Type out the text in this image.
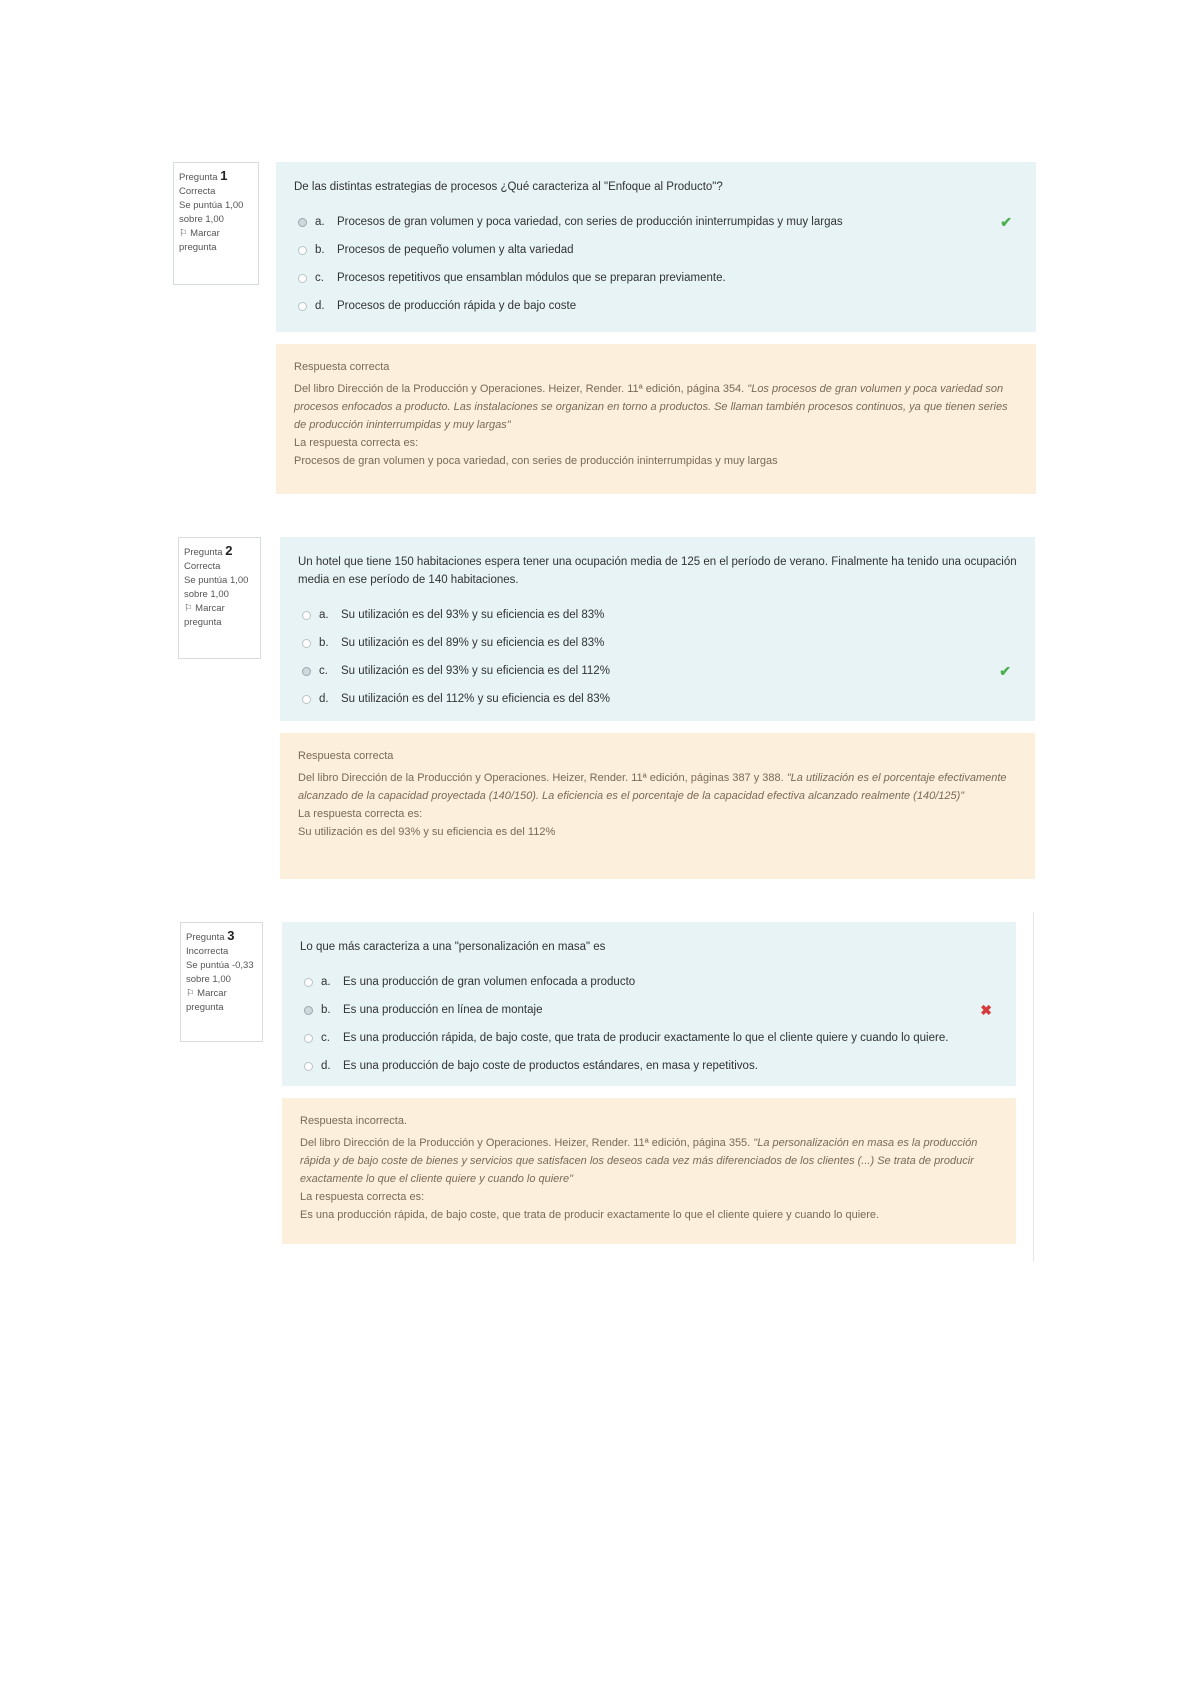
Pregunta 1
Correcta
Se puntúa 1,00 sobre 1,00
⚐ Marcar pregunta

De las distintas estrategias de procesos ¿Qué caracteriza al "Enfoque al Producto"?

a.	Procesos de gran volumen y poca variedad, con series de producción ininterrumpidas y muy largas	✔
b.	Procesos de pequeño volumen y alta variedad
c.	Procesos repetitivos que ensamblan módulos que se preparan previamente.
d.	Procesos de producción rápida y de bajo coste
Respuesta correcta

Del libro Dirección de la Producción y Operaciones. Heizer, Render. 11ª edición, página 354. "Los procesos de gran volumen y poca variedad son procesos enfocados a producto. Las instalaciones se organizan en torno a productos. Se llaman también procesos continuos, ya que tienen series de producción ininterrumpidas y muy largas"

La respuesta correcta es:

Procesos de gran volumen y poca variedad, con series de producción ininterrumpidas y muy largas

Pregunta 2
Correcta
Se puntúa 1,00 sobre 1,00
⚐ Marcar pregunta

Un hotel que tiene 150 habitaciones espera tener una ocupación media de 125 en el período de verano. Finalmente ha tenido una ocupación media en ese período de 140 habitaciones.

a.	Su utilización es del 93% y su eficiencia es del 83%
b.	Su utilización es del 89% y su eficiencia es del 83%
c.	Su utilización es del 93% y su eficiencia es del 112%	✔
d.	Su utilización es del 112% y su eficiencia es del 83%
Respuesta correcta

Del libro Dirección de la Producción y Operaciones. Heizer, Render. 11ª edición, páginas 387 y 388. "La utilización es el porcentaje efectivamente alcanzado de la capacidad proyectada (140/150). La eficiencia es el porcentaje de la capacidad efectiva alcanzado realmente (140/125)"

La respuesta correcta es:

Su utilización es del 93% y su eficiencia es del 112%

Pregunta 3
Incorrecta
Se puntúa -0,33 sobre 1,00
⚐ Marcar pregunta

Lo que más caracteriza a una "personalización en masa" es

a.	Es una producción de gran volumen enfocada a producto
b.	Es una producción en línea de montaje	✖
c.	Es una producción rápida, de bajo coste, que trata de producir exactamente lo que el cliente quiere y cuando lo quiere.
d.	Es una producción de bajo coste de productos estándares, en masa y repetitivos.
Respuesta incorrecta.

Del libro Dirección de la Producción y Operaciones. Heizer, Render. 11ª edición, página 355. "La personalización en masa es la producción rápida y de bajo coste de bienes y servicios que satisfacen los deseos cada vez más diferenciados de los clientes (...) Se trata de producir exactamente lo que el cliente quiere y cuando lo quiere"

La respuesta correcta es:

Es una producción rápida, de bajo coste, que trata de producir exactamente lo que el cliente quiere y cuando lo quiere.
